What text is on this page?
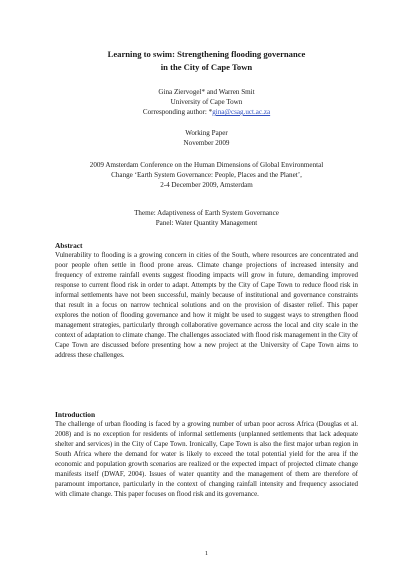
Learning to swim: Strengthening flooding governance
in the City of Cape Town
Gina Ziervogel* and Warren Smit
University of Cape Town
Corresponding author: *gina@csag.uct.ac.za
Working Paper
November 2009
2009 Amsterdam Conference on the Human Dimensions of Global Environmental
Change ‘Earth System Governance: People, Places and the Planet’,
2-4 December 2009, Amsterdam
Theme: Adaptiveness of Earth System Governance
Panel: Water Quantity Management
Abstract
Vulnerability to flooding is a growing concern in cities of the South, where resources are concentrated and poor people often settle in flood prone areas. Climate change projections of increased intensity and frequency of extreme rainfall events suggest flooding impacts will grow in future, demanding improved response to current flood risk in order to adapt. Attempts by the City of Cape Town to reduce flood risk in informal settlements have not been successful, mainly because of institutional and governance constraints that result in a focus on narrow technical solutions and on the provision of disaster relief. This paper explores the notion of flooding governance and how it might be used to suggest ways to strengthen flood management strategies, particularly through collaborative governance across the local and city scale in the context of adaptation to climate change. The challenges associated with flood risk management in the City of Cape Town are discussed before presenting how a new project at the University of Cape Town aims to address these challenges.
Introduction
The challenge of urban flooding is faced by a growing number of urban poor across Africa (Douglas et al. 2008) and is no exception for residents of informal settlements (unplanned settlements that lack adequate shelter and services) in the City of Cape Town. Ironically, Cape Town is also the first major urban region in South Africa where the demand for water is likely to exceed the total potential yield for the area if the economic and population growth scenarios are realized or the expected impact of projected climate change manifests itself (DWAF, 2004). Issues of water quantity and the management of them are therefore of paramount importance, particularly in the context of changing rainfall intensity and frequency associated with climate change. This paper focuses on flood risk and its governance.
1
